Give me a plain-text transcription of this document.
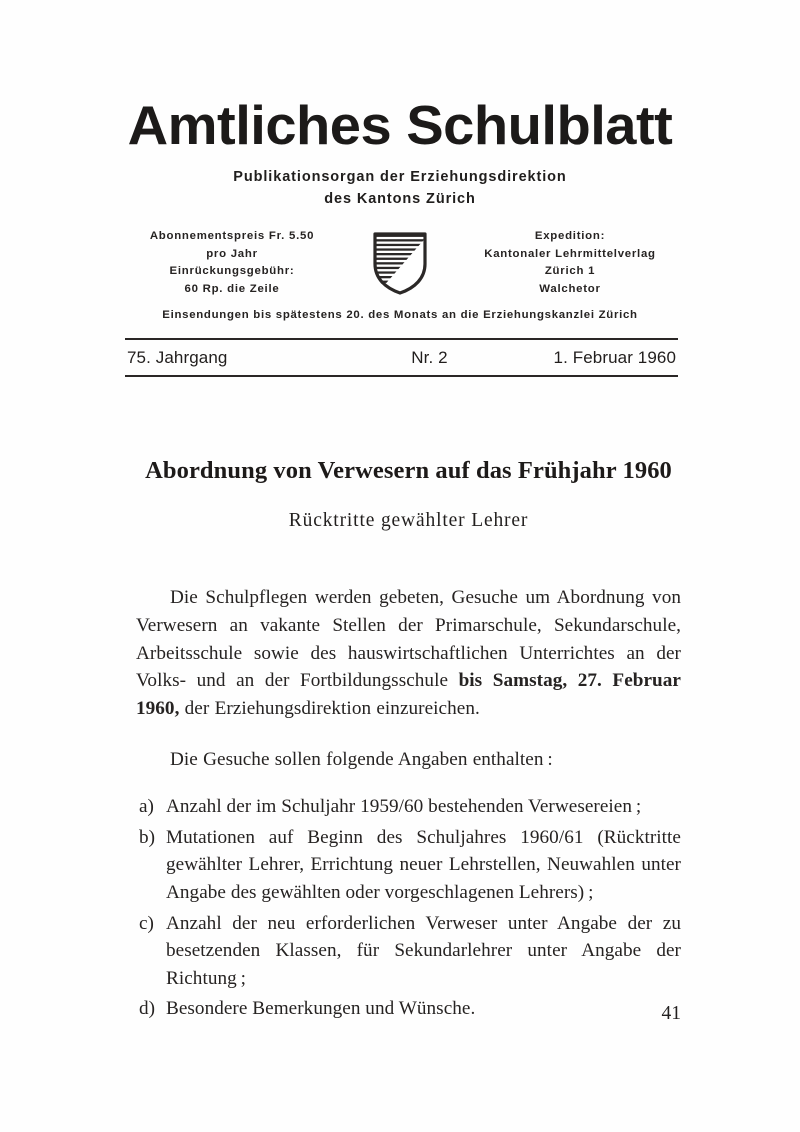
Amtliches Schulblatt
Publikationsorgan der Erziehungsdirektion
des Kantons Zürich
Abonnementspreis Fr. 5.50
pro Jahr
Einrückungsgebühr:
60 Rp. die Zeile
Expedition:
Kantonaler Lehrmittelverlag
Zürich 1
Walchetor
Einsendungen bis spätestens 20. des Monats an die Erziehungskanzlei Zürich
75. Jahrgang	Nr. 2	1. Februar 1960
Abordnung von Verwesern auf das Frühjahr 1960
Rücktritte gewählter Lehrer

Die Schulpflegen werden gebeten, Gesuche um Abordnung von Verwesern an vakante Stellen der Primarschule, Sekundarschule, Arbeitsschule sowie des hauswirtschaftlichen Unterrichtes an der Volks- und an der Fortbildungsschule bis Samstag, 27. Februar 1960, der Erziehungsdirektion einzureichen.

Die Gesuche sollen folgende Angaben enthalten :

a) Anzahl der im Schuljahr 1959/60 bestehenden Verwesereien ;
b) Mutationen auf Beginn des Schuljahres 1960/61 (Rücktritte gewählter Lehrer, Errichtung neuer Lehrstellen, Neuwahlen unter Angabe des gewählten oder vorgeschlagenen Lehrers) ;
c) Anzahl der neu erforderlichen Verweser unter Angabe der zu besetzenden Klassen, für Sekundarlehrer unter Angabe der Richtung ;
d) Besondere Bemerkungen und Wünsche.	41
